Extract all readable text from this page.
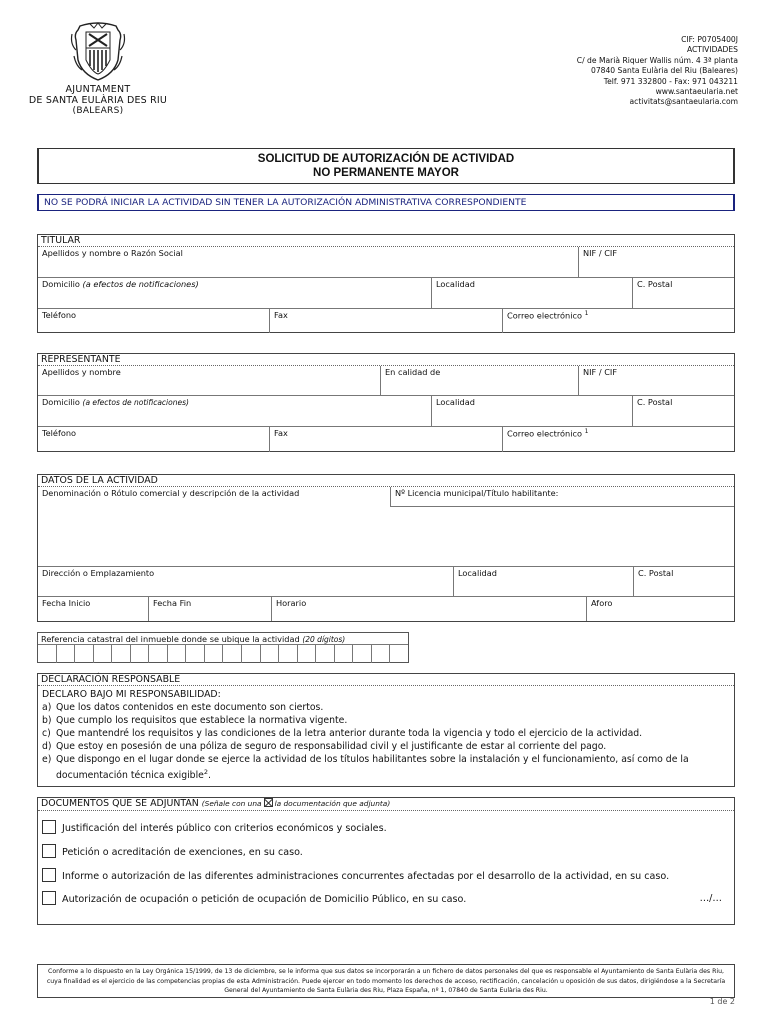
AJUNTAMENT
DE SANTA EULÀRIA DES RIU
(BALEARS)
CIF: P0705400J
ACTIVIDADES
C/ de Marià Riquer Wallis núm. 4 3ª planta
07840 Santa Eulària del Riu (Baleares)
Telf. 971 332800 - Fax: 971 043211
www.santaeularia.net
activitats@santaeularia.com
SOLICITUD DE AUTORIZACIÓN DE ACTIVIDAD
NO PERMANENTE MAYOR
NO SE PODRÁ INICIAR LA ACTIVIDAD SIN TENER LA AUTORIZACIÓN ADMINISTRATIVA CORRESPONDIENTE
TITULAR
Apellidos y nombre o Razón Social	NIF / CIF
Domicilio (a efectos de notificaciones)	Localidad	C. Postal
Teléfono	Fax	Correo electrónico $^1$
REPRESENTANTE
Apellidos y nombre	En calidad de	NIF / CIF
Domicilio (a efectos de notificaciones)	Localidad	C. Postal
Teléfono	Fax	Correo electrónico $^1$
DATOS DE LA ACTIVIDAD
Denominación o Rótulo comercial y descripción de la actividad	Nº Licencia municipal/Título habilitante:
Dirección o Emplazamiento	Localidad	C. Postal
Fecha Inicio	Fecha Fin	Horario	Aforo
Referencia catastral del inmueble donde se ubique la actividad (20 dígitos)
DECLARACIÓN RESPONSABLE
DECLARO BAJO MI RESPONSABILIDAD:
a) Que los datos contenidos en este documento son ciertos.
b) Que cumplo los requisitos que establece la normativa vigente.
c) Que mantendré los requisitos y las condiciones de la letra anterior durante toda la vigencia y todo el ejercicio de la actividad.
d) Que estoy en posesión de una póliza de seguro de responsabilidad civil y el justificante de estar al corriente del pago.
e) Que dispongo en el lugar donde se ejerce la actividad de los títulos habilitantes sobre la instalación y el funcionamiento, así como de la documentación técnica exigible$^2$.
DOCUMENTOS QUE SE ADJUNTAN (Señale con una la documentación que adjunta)
Justificación del interés público con criterios económicos y sociales.
Petición o acreditación de exenciones, en su caso.
Informe o autorización de las diferentes administraciones concurrentes afectadas por el desarrollo de la actividad, en su caso.
Autorización de ocupación o petición de ocupación de Domicilio Público, en su caso.	…/…
Conforme a lo dispuesto en la Ley Orgánica 15/1999, de 13 de diciembre, se le informa que sus datos se incorporarán a un fichero de datos personales del que es responsable el Ayuntamiento de Santa Eulària des Riu, cuya finalidad es el ejercicio de las competencias propias de esta Administración. Puede ejercer en todo momento los derechos de acceso, rectificación, cancelación u oposición de sus datos, dirigiéndose a la Secretaría General del Ayuntamiento de Santa Eulària des Riu, Plaza España, nº 1, 07840 de Santa Eulària des Riu.
1 de 2
